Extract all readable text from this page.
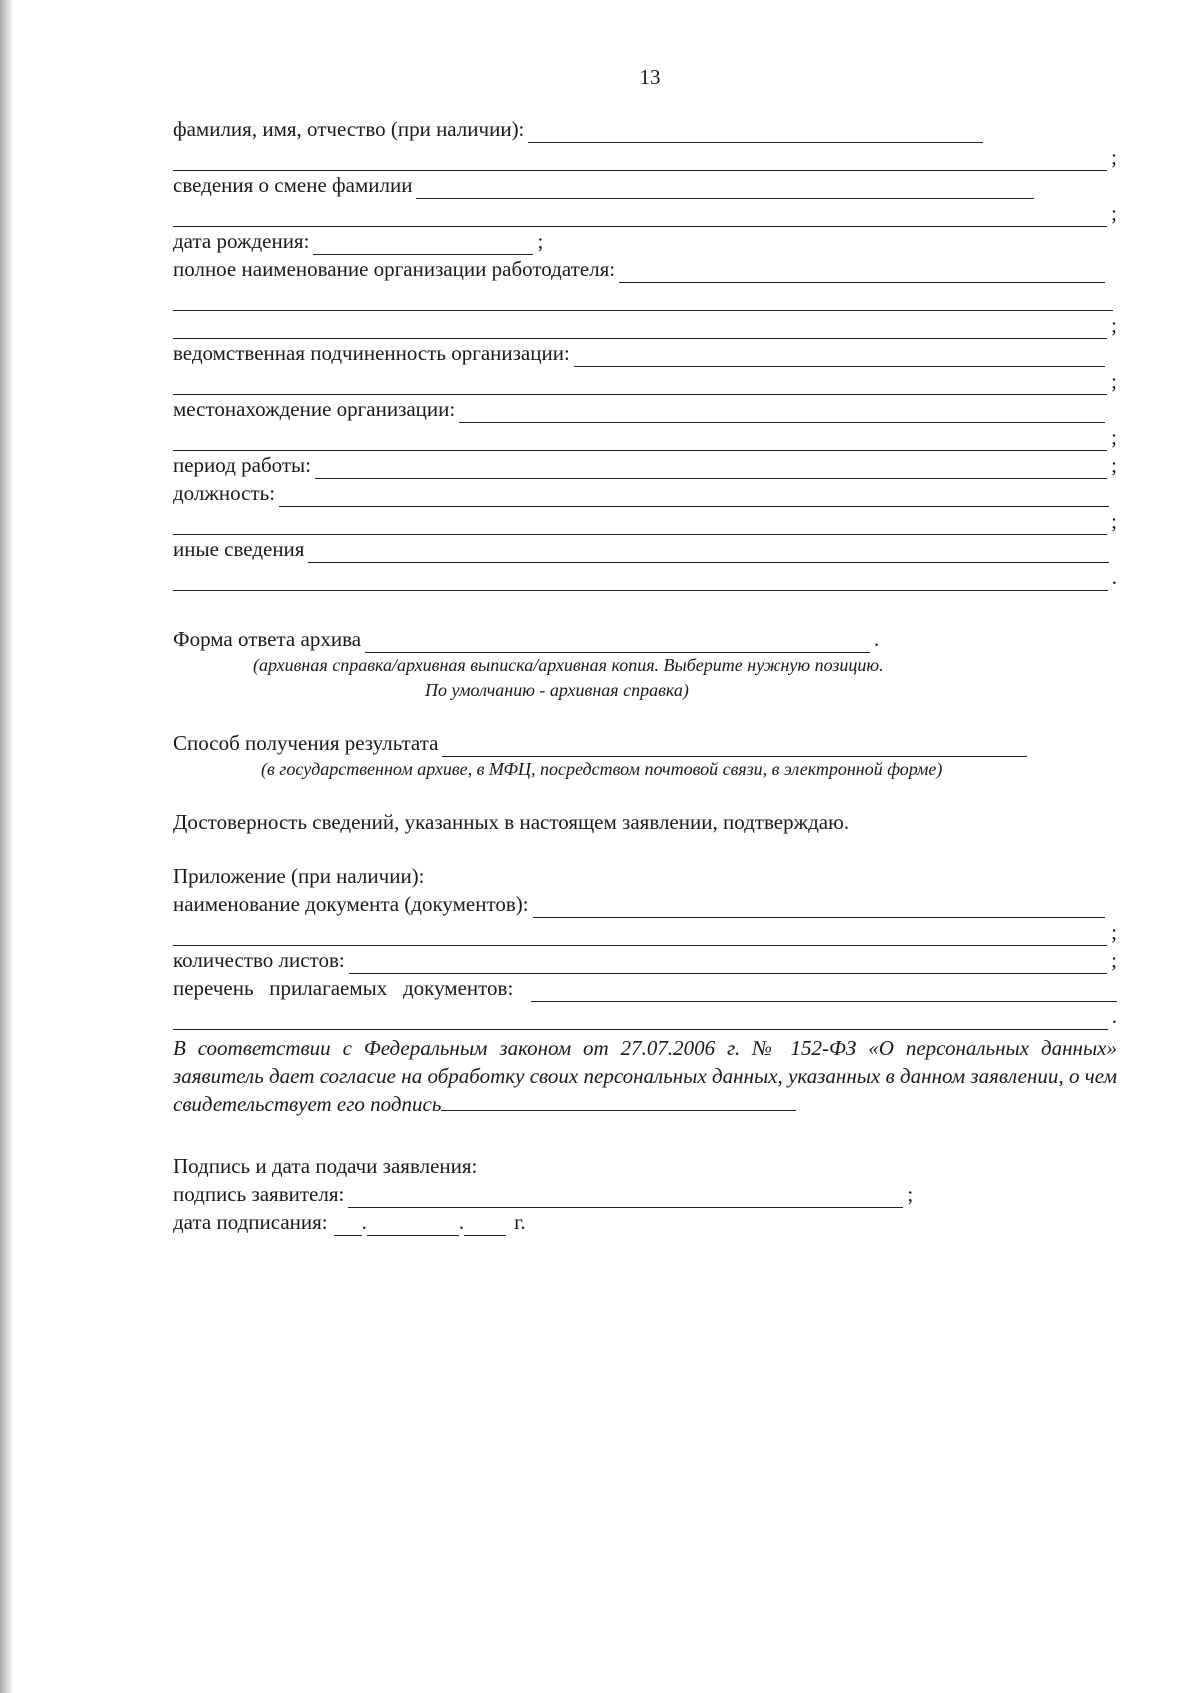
13
фамилия, имя, отчество (при наличии):
;
сведения о смене фамилии
;
дата рождения:	;
полное наименование организации работодателя:
;
ведомственная подчиненность организации:
;
местонахождение организации:
;
период работы:	;
должность:
;
иные сведения
.
Форма ответа архива	.
(архивная справка/архивная выписка/архивная копия. Выберите нужную позицию.
По умолчанию - архивная справка)
Способ получения результата
(в государственном архиве, в МФЦ, посредством почтовой связи, в электронной форме)
Достоверность сведений, указанных в настоящем заявлении, подтверждаю.
Приложение (при наличии):
наименование документа (документов):
;
количество листов:	;
перечень   прилагаемых   документов:
.

В соответствии с Федеральным законом от 27.07.2006 г. № 152-ФЗ «О персональных данных» заявитель дает согласие на обработку своих персональных данных, указанных в данном заявлении, о чем свидетельствует его подпись

Подпись и дата подачи заявления:
подпись заявителя:	;
дата подписания: .	. г.
